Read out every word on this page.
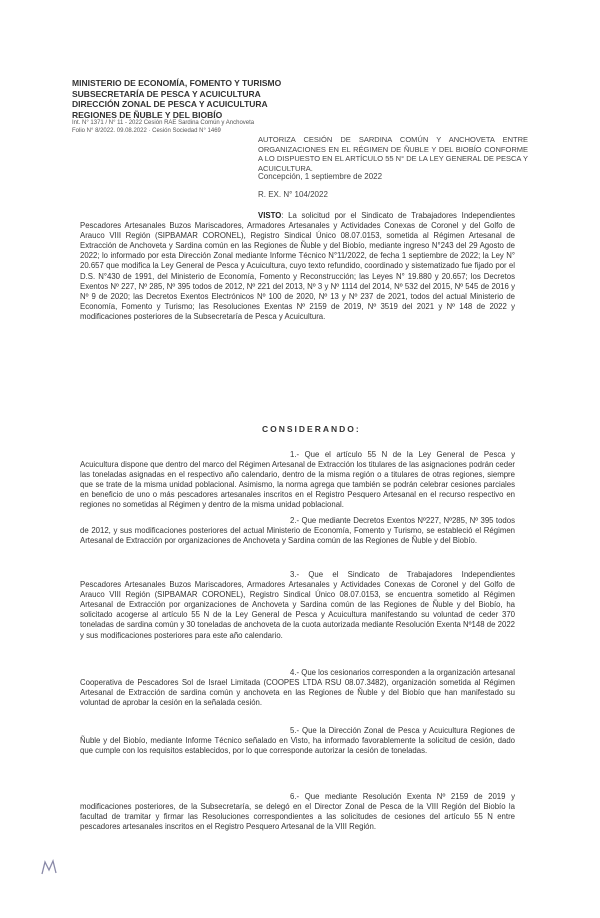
MINISTERIO DE ECONOMÍA, FOMENTO Y TURISMO
SUBSECRETARÍA DE PESCA Y ACUICULTURA
DIRECCIÓN ZONAL DE PESCA Y ACUICULTURA
REGIONES DE ÑUBLE Y DEL BIOBÍO
Int. N° 1371 / N° 11 - 2022 Cesión RAE Sardina Común y Anchoveta
Folio N° 8/2022. 09.08.2022 · Cesión Sociedad N° 1469
AUTORIZA CESIÓN DE SARDINA COMÚN Y ANCHOVETA ENTRE ORGANIZACIONES EN EL RÉGIMEN DE ÑUBLE Y DEL BIOBÍO CONFORME A LO DISPUESTO EN EL ARTÍCULO 55 N° DE LA LEY GENERAL DE PESCA Y ACUICULTURA.
Concepción, 1 septiembre de 2022
R. EX. N° 104/2022
VISTO: La solicitud por el Sindicato de Trabajadores Independientes Pescadores Artesanales Buzos Mariscadores, Armadores Artesanales y Actividades Conexas de Coronel y del Golfo de Arauco VIII Región (SIPBAMAR CORONEL), Registro Sindical Único 08.07.0153, sometida al Régimen Artesanal de Extracción de Anchoveta y Sardina común en las Regiones de Ñuble y del Biobío, mediante ingreso N°243 del 29 Agosto de 2022; lo informado por esta Dirección Zonal mediante Informe Técnico N°11/2022, de fecha 1 septiembre de 2022; la Ley N° 20.657 que modifica la Ley General de Pesca y Acuicultura, cuyo texto refundido, coordinado y sistematizado fue fijado por el D.S. N°430 de 1991, del Ministerio de Economía, Fomento y Reconstrucción; las Leyes N° 19.880 y 20.657; los Decretos Exentos Nº 227, Nº 285, Nº 395 todos de 2012, Nº 221 del 2013, Nº 3 y Nº 1114 del 2014, Nº 532 del 2015, Nº 545 de 2016 y Nº 9 de 2020; las Decretos Exentos Electrónicos Nº 100 de 2020, Nº 13 y Nº 237 de 2021, todos del actual Ministerio de Economía, Fomento y Turismo; las Resoluciones Exentas Nº 2159 de 2019, Nº 3519 del 2021 y Nº 148 de 2022 y modificaciones posteriores de la Subsecretaría de Pesca y Acuicultura.
CONSIDERANDO:
1.- Que el artículo 55 N de la Ley General de Pesca y Acuicultura dispone que dentro del marco del Régimen Artesanal de Extracción los titulares de las asignaciones podrán ceder las toneladas asignadas en el respectivo año calendario, dentro de la misma región o a titulares de otras regiones, siempre que se trate de la misma unidad poblacional. Asimismo, la norma agrega que también se podrán celebrar cesiones parciales en beneficio de uno o más pescadores artesanales inscritos en el Registro Pesquero Artesanal en el recurso respectivo en regiones no sometidas al Régimen y dentro de la misma unidad poblacional.
2.- Que mediante Decretos Exentos Nº227, Nº285, Nº 395 todos de 2012, y sus modificaciones posteriores del actual Ministerio de Economía, Fomento y Turismo, se estableció el Régimen Artesanal de Extracción por organizaciones de Anchoveta y Sardina común de las Regiones de Ñuble y del Biobío.
3.- Que el Sindicato de Trabajadores Independientes Pescadores Artesanales Buzos Mariscadores, Armadores Artesanales y Actividades Conexas de Coronel y del Golfo de Arauco VIII Región (SIPBAMAR CORONEL), Registro Sindical Único 08.07.0153, se encuentra sometido al Régimen Artesanal de Extracción por organizaciones de Anchoveta y Sardina común de las Regiones de Ñuble y del Biobío, ha solicitado acogerse al artículo 55 N de la Ley General de Pesca y Acuicultura manifestando su voluntad de ceder 370 toneladas de sardina común y 30 toneladas de anchoveta de la cuota autorizada mediante Resolución Exenta Nº148 de 2022 y sus modificaciones posteriores para este año calendario.
4.- Que los cesionarios corresponden a la organización artesanal Cooperativa de Pescadores Sol de Israel Limitada (COOPES LTDA RSU 08.07.3482), organización sometida al Régimen Artesanal de Extracción de sardina común y anchoveta en las Regiones de Ñuble y del Biobío que han manifestado su voluntad de aprobar la cesión en la señalada cesión.
5.- Que la Dirección Zonal de Pesca y Acuicultura Regiones de Ñuble y del Biobío, mediante Informe Técnico señalado en Visto, ha informado favorablemente la solicitud de cesión, dado que cumple con los requisitos establecidos, por lo que corresponde autorizar la cesión de toneladas.
6.- Que mediante Resolución Exenta Nº 2159 de 2019 y modificaciones posteriores, de la Subsecretaría, se delegó en el Director Zonal de Pesca de la VIII Región del Biobío la facultad de tramitar y firmar las Resoluciones correspondientes a las solicitudes de cesiones del artículo 55 N entre pescadores artesanales inscritos en el Registro Pesquero Artesanal de la VIII Región.
